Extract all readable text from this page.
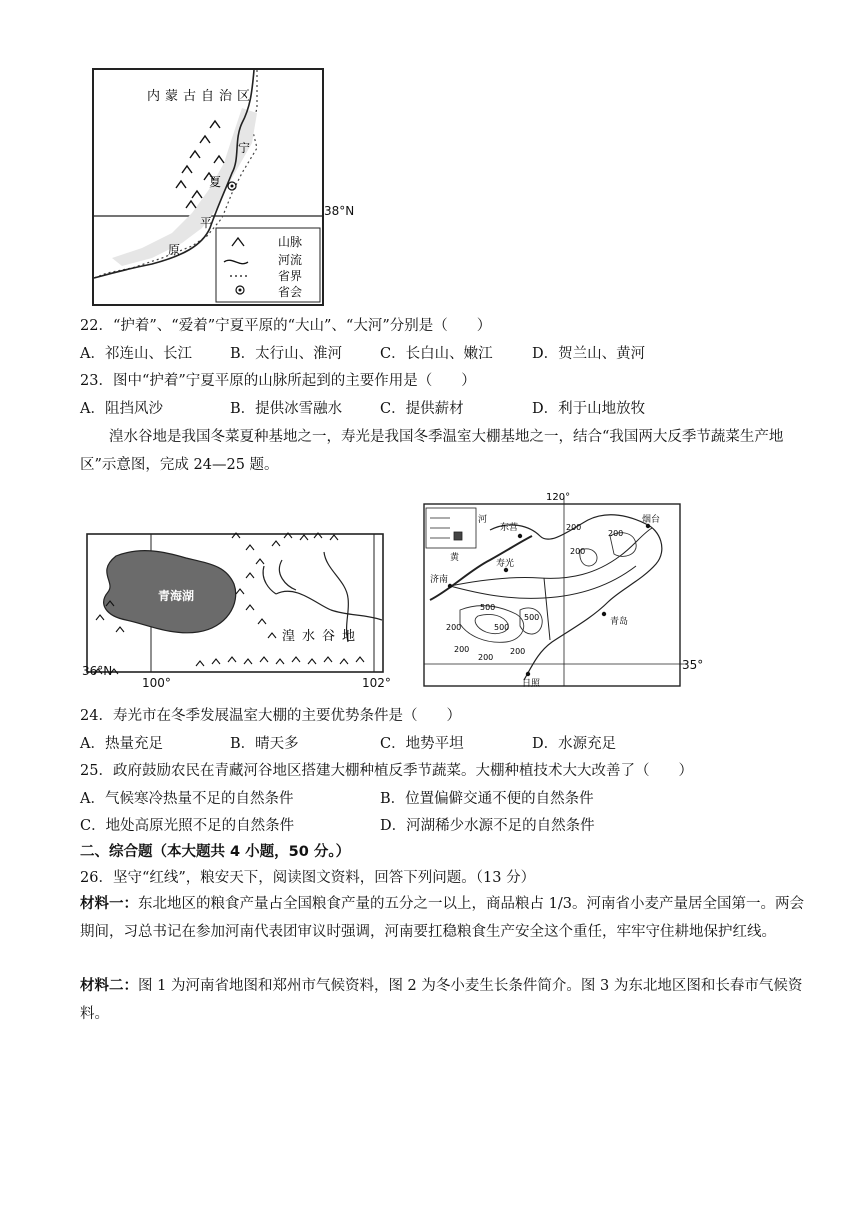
山脉
河流
省界
省会
内蒙古自治区
宁
夏
平
原
38°N
22．“护着”、“爱着”宁夏平原的“大山”、“大河”分别是（　　）
A．祁连山、长江	B．太行山、淮河	C．长白山、嫩江	D．贺兰山、黄河
23．图中“护着”宁夏平原的山脉所起到的主要作用是（　　）
A．阻挡风沙	B．提供冰雪融水	C．提供薪材	D．利于山地放牧
湟水谷地是我国冬菜夏种基地之一，寿光是我国冬季温室大棚基地之一，结合“我国两大反季节蔬菜生产地区”示意图，完成 24—25 题。
青海湖
湟 水 谷 地
36°N
100°	102°
烟台
东营
济南
寿光
青岛
日照
河
黄
200
200
200
500
500
500
200
200
200
200
120°
35°
24．寿光市在冬季发展温室大棚的主要优势条件是（　　）
A．热量充足	B．晴天多	C．地势平坦	D．水源充足
25．政府鼓励农民在青藏河谷地区搭建大棚种植反季节蔬菜。大棚种植技术大大改善了（　　）
A．气候寒冷热量不足的自然条件	B．位置偏僻交通不便的自然条件
C．地处高原光照不足的自然条件	D．河湖稀少水源不足的自然条件
二、综合题（本大题共 4 小题，50 分。）
26．坚守“红线”，粮安天下，阅读图文资料，回答下列问题。（13 分）
材料一：东北地区的粮食产量占全国粮食产量的五分之一以上，商品粮占 1/3。河南省小麦产量居全国第一。两会期间，习总书记在参加河南代表团审议时强调，河南要扛稳粮食生产安全这个重任，牢牢守住耕地保护红线。
材料二：图 1 为河南省地图和郑州市气候资料，图 2 为冬小麦生长条件简介。图 3 为东北地区图和长春市气候资料。
